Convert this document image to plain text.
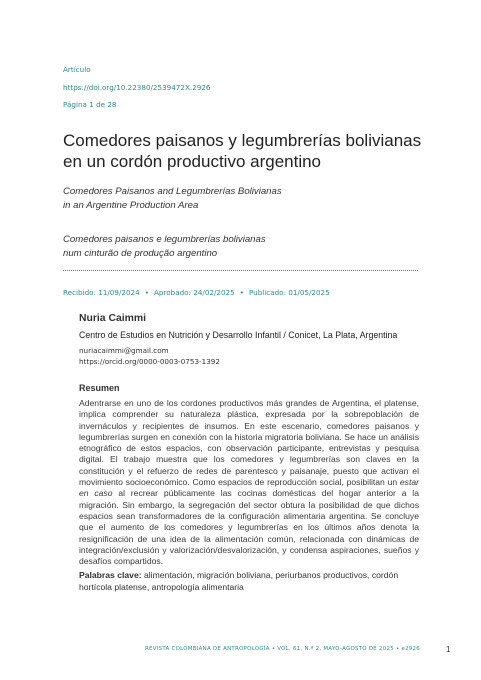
Artículo
https://doi.org/10.22380/2539472X.2926
Página 1 de 28
Comedores paisanos y legumbrerías bolivianas
en un cordón productivo argentino
Comedores Paisanos and Legumbrerías Bolivianas
in an Argentine Production Area
Comedores paisanos e legumbrerías bolivianas
num cinturão de produção argentino
Recibido: 11/09/2024 • Aprobado: 24/02/2025 • Publicado: 01/05/2025
Nuria Caimmi
Centro de Estudios en Nutrición y Desarrollo Infantil / Conicet, La Plata, Argentina
nuriacaimmi@gmail.com
https://orcid.org/0000-0003-0753-1392
Resumen

Adentrarse en uno de los cordones productivos más grandes de Argentina, el platense, implica comprender su naturaleza plástica, expresada por la sobrepoblación de invernáculos y recipientes de insumos. En este escenario, comedores paisanos y legumbrerías surgen en conexión con la historia migratoria boliviana. Se hace un análisis etnográfico de estos espacios, con observación participante, entrevistas y pesquisa digital. El trabajo muestra que los comedores y legumbrerías son claves en la constitución y el refuerzo de redes de parentesco y paisanaje, puesto que activan el movimiento socioeconómico. Como espacios de reproducción social, posibilitan un estar en caso al recrear públicamente las cocinas domésticas del hogar anterior a la migración. Sin embargo, la segregación del sector obtura la posibilidad de que dichos espacios sean transformadores de la configuración alimentaria argentina. Se concluye que el aumento de los comedores y legumbrerías en los últimos años denota la resignificación de una idea de la alimentación común, relacionada con dinámicas de integración/exclusión y valorización/desvalorización, y condensa aspiraciones, sueños y desafíos compartidos.

Palabras clave: alimentación, migración boliviana, periurbanos productivos, cordón hortícola platense, antropología alimentaria

REVISTA COLOMBIANA DE ANTROPOLOGÍA • VOL. 61, N.º 2, MAYO-AGOSTO DE 2025 • e2926	1
